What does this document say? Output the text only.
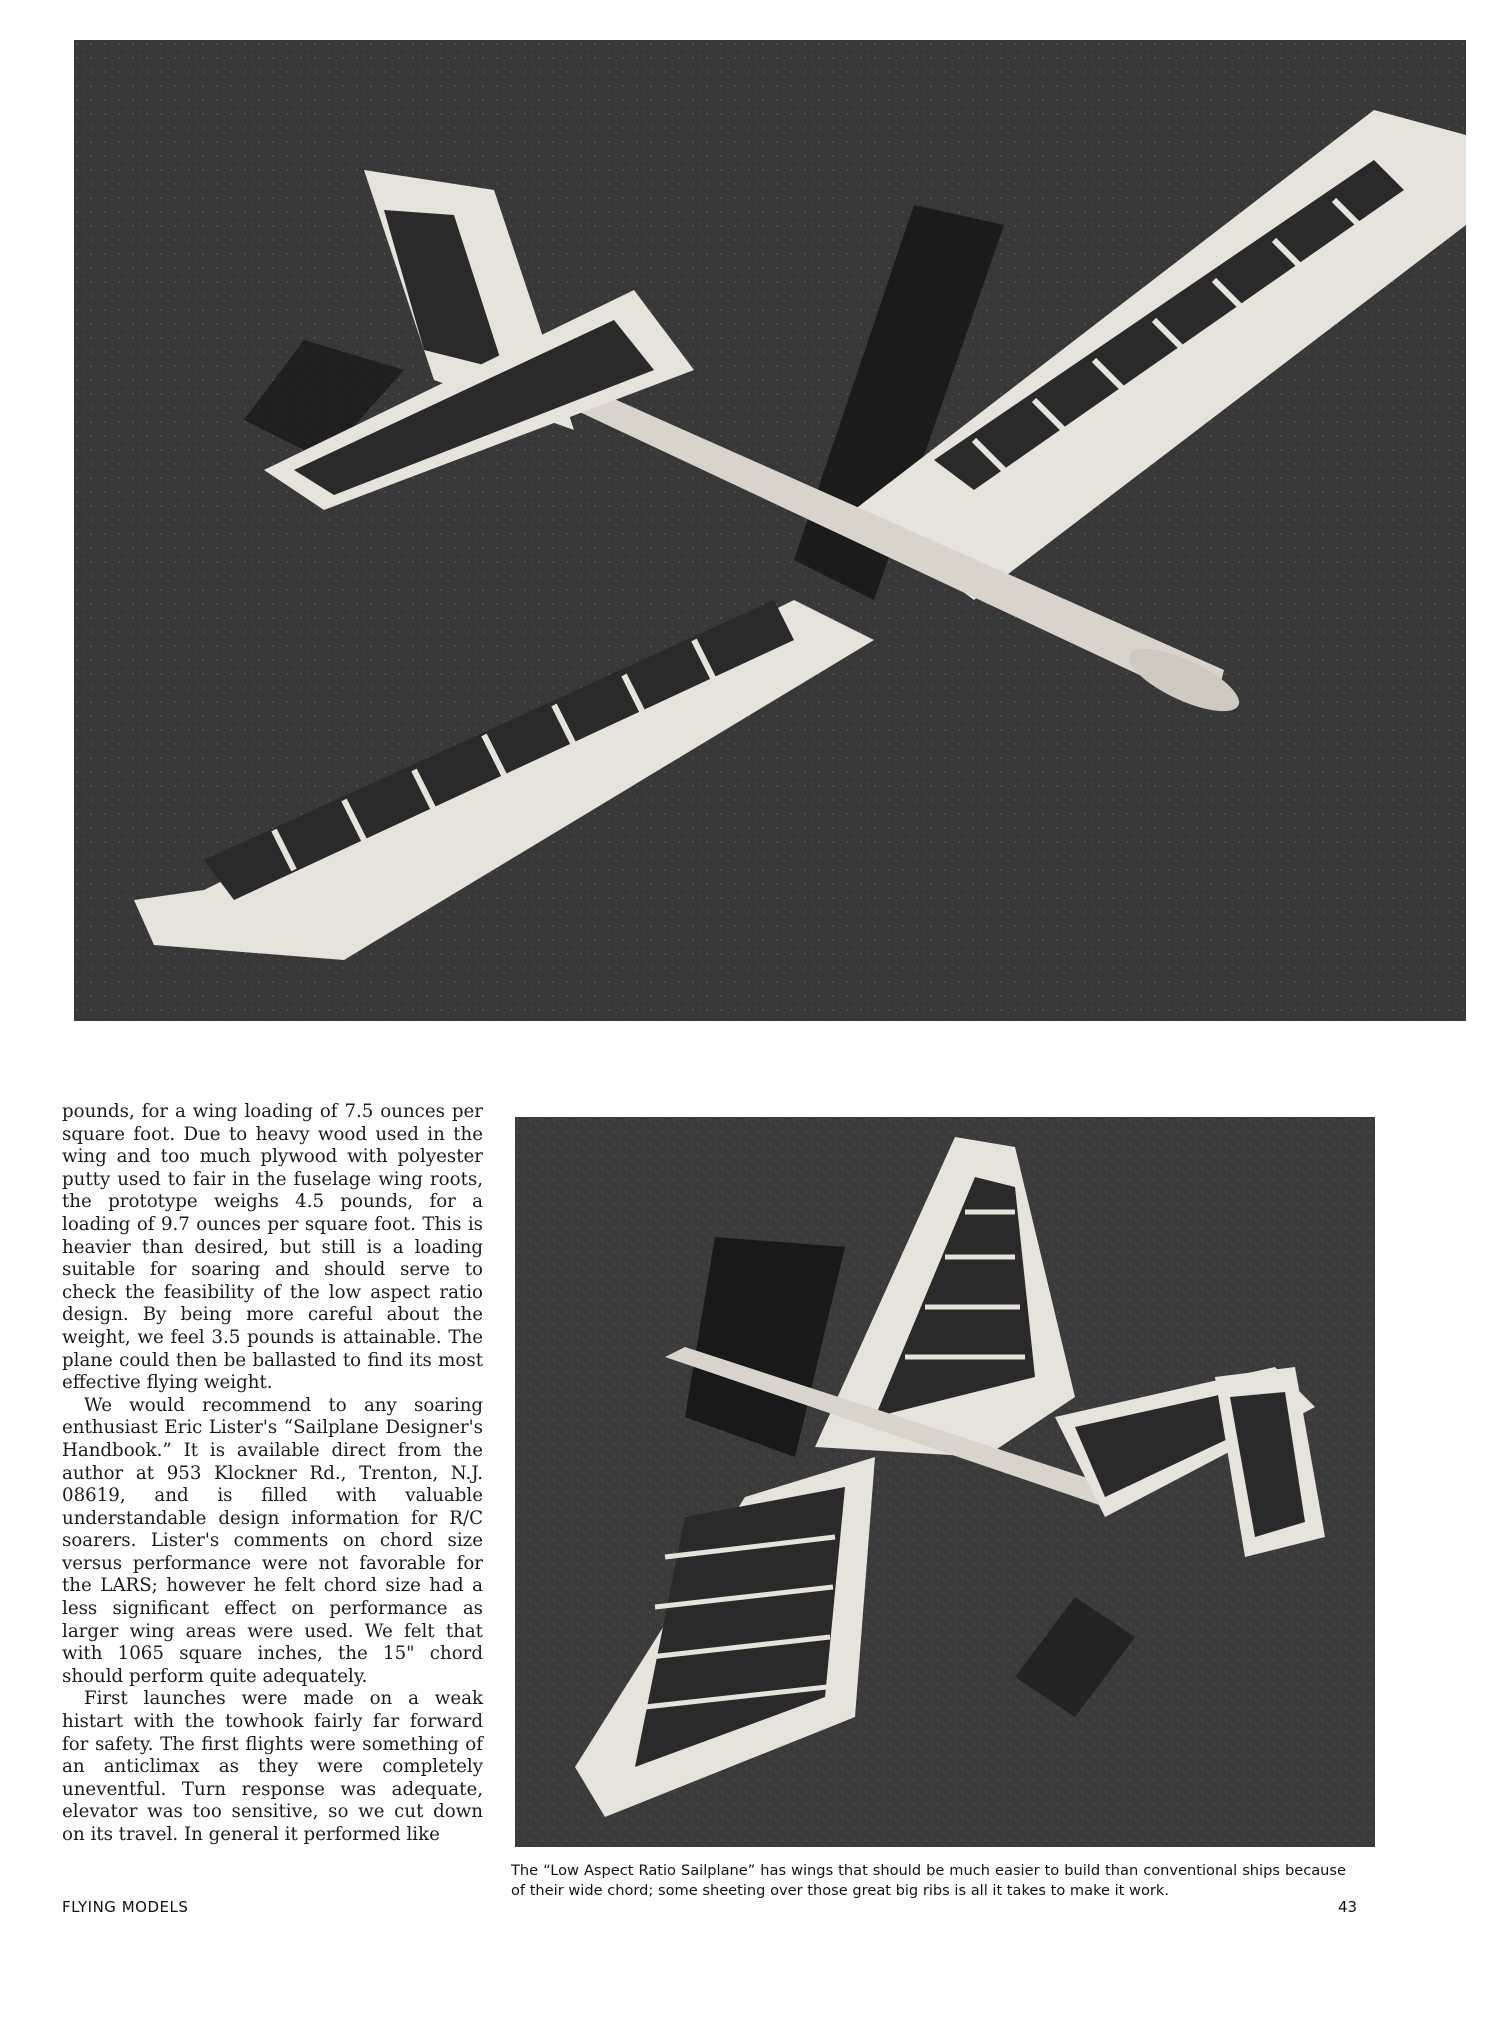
pounds, for a wing loading of 7.5 ounces per square foot. Due to heavy wood used in the wing and too much plywood with polyester putty used to fair in the fuselage wing roots, the prototype weighs 4.5 pounds, for a loading of 9.7 ounces per square foot. This is heavier than desired, but still is a loading suitable for soaring and should serve to check the feasibility of the low aspect ratio design. By being more careful about the weight, we feel 3.5 pounds is attainable. The plane could then be ballasted to find its most effective flying weight.

We would recommend to any soaring enthusiast Eric Lister's “Sailplane Designer's Handbook.” It is available direct from the author at 953 Klockner Rd., Trenton, N.J. 08619, and is filled with valuable understandable design information for R/C soarers. Lister's comments on chord size versus performance were not favorable for the LARS; however he felt chord size had a less significant effect on performance as larger wing areas were used. We felt that with 1065 square inches, the 15" chord should perform quite adequately.

First launches were made on a weak histart with the towhook fairly far forward for safety. The first flights were something of an anticlimax as they were completely uneventful. Turn response was adequate, elevator was too sensitive, so we cut down on its travel. In general it performed like

The “Low Aspect Ratio Sailplane” has wings that should be much easier to build than conventional ships because of their wide chord; some sheeting over those great big ribs is all it takes to make it work.
FLYING MODELS	43
